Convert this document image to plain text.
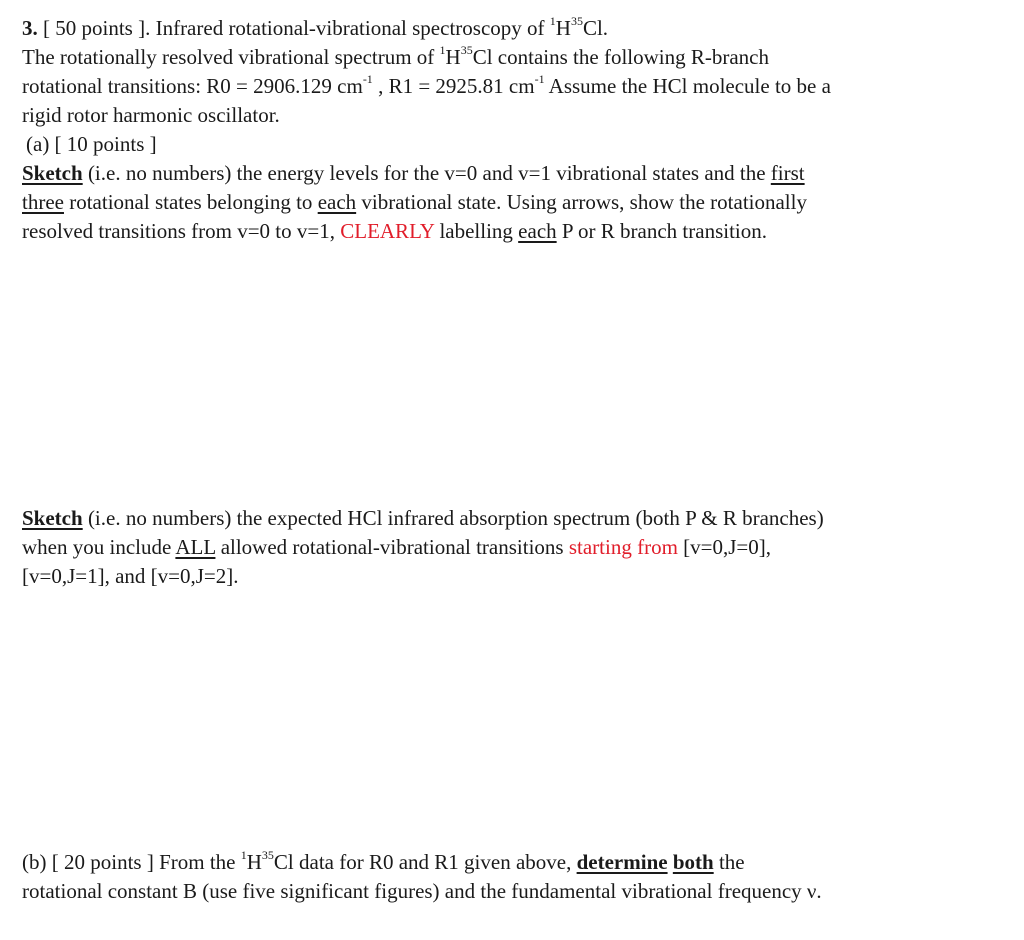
3. [ 50 points ]. Infrared rotational-vibrational spectroscopy of $^1H^{35}Cl$.
The rotationally resolved vibrational spectrum of $^1H^{35}Cl$ contains the following R-branch
rotational transitions: R0 = 2906.129 $cm^{-1}$ , R1 = 2925.81 $cm^{-1}$ Assume the HCl molecule to be a
rigid rotor harmonic oscillator.
(a) [ 10 points ]
Sketch (i.e. no numbers) the energy levels for the v=0 and v=1 vibrational states and the first
three rotational states belonging to each vibrational state. Using arrows, show the rotationally
resolved transitions from v=0 to v=1, CLEARLY labelling each P or R branch transition.
Sketch (i.e. no numbers) the expected HCl infrared absorption spectrum (both P & R branches)
when you include ALL allowed rotational-vibrational transitions starting from [v=0,J=0],
[v=0,J=1], and [v=0,J=2].
(b) [ 20 points ] From the $^1H^{35}Cl$ data for R0 and R1 given above, determine both the
rotational constant B (use five significant figures) and the fundamental vibrational frequency ν.
